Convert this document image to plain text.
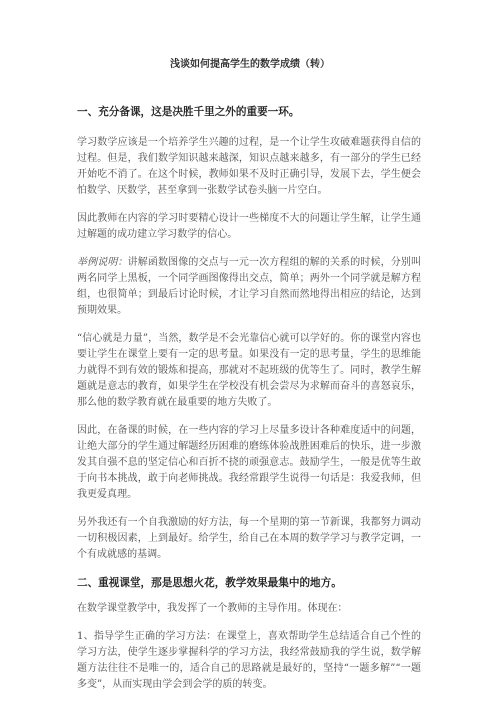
浅谈如何提高学生的数学成绩（转）

一、充分备课，这是决胜千里之外的重要一环。

学习数学应该是一个培养学生兴趣的过程，是一个让学生攻破难题获得自信的过程。但是，我们数学知识越来越深，知识点越来越多，有一部分的学生已经开始吃不消了。在这个时候，教师如果不及时正确引导，发展下去，学生便会怕数学、厌数学，甚至拿到一张数学试卷头脑一片空白。

因此教师在内容的学习时要精心设计一些梯度不大的问题让学生解，让学生通过解题的成功建立学习数学的信心。

举例说明：讲解函数图像的交点与一元一次方程组的解的关系的时候，分别叫两名同学上黑板，一个同学画图像得出交点，简单；两外一个同学就是解方程组，也很简单；到最后讨论时候，才让学习自然而然地得出相应的结论，达到预期效果。

“信心就是力量”，当然，数学是不会光靠信心就可以学好的。你的课堂内容也要让学生在课堂上要有一定的思考量。如果没有一定的思考量，学生的思维能力就得不到有效的锻炼和提高，那就对不起班级的优等生了。同时，教学生解题就是意志的教育，如果学生在学校没有机会尝尽为求解而奋斗的喜怒哀乐，那么他的数学教育就在最重要的地方失败了。

因此，在备课的时候，在一些内容的学习上尽量多设计各种难度适中的问题，让绝大部分的学生通过解题经历困难的磨练体验战胜困难后的快乐，进一步激发其自强不息的坚定信心和百折不挠的顽强意志。鼓励学生，一般是优等生敢于向书本挑战，敢于向老师挑战。我经常跟学生说得一句话是：我爱我师，但我更爱真理。

另外我还有一个自我激励的好方法，每一个星期的第一节新课，我都努力调动一切积极因素，上到最好。给学生，给自己在本周的数学学习与教学定调，一个有成就感的基调。

二、重视课堂，那是思想火花，教学效果最集中的地方。

在数学课堂教学中，我发挥了一个教师的主导作用。体现在：

1、指导学生正确的学习方法：在课堂上，喜欢帮助学生总结适合自己个性的学习方法，使学生逐步掌握科学的学习方法，我经常鼓励我的学生说，数学解题方法往往不是唯一的，适合自己的思路就是最好的，坚持“一题多解”“一题多变”，从而实现由学会到会学的质的转变。
